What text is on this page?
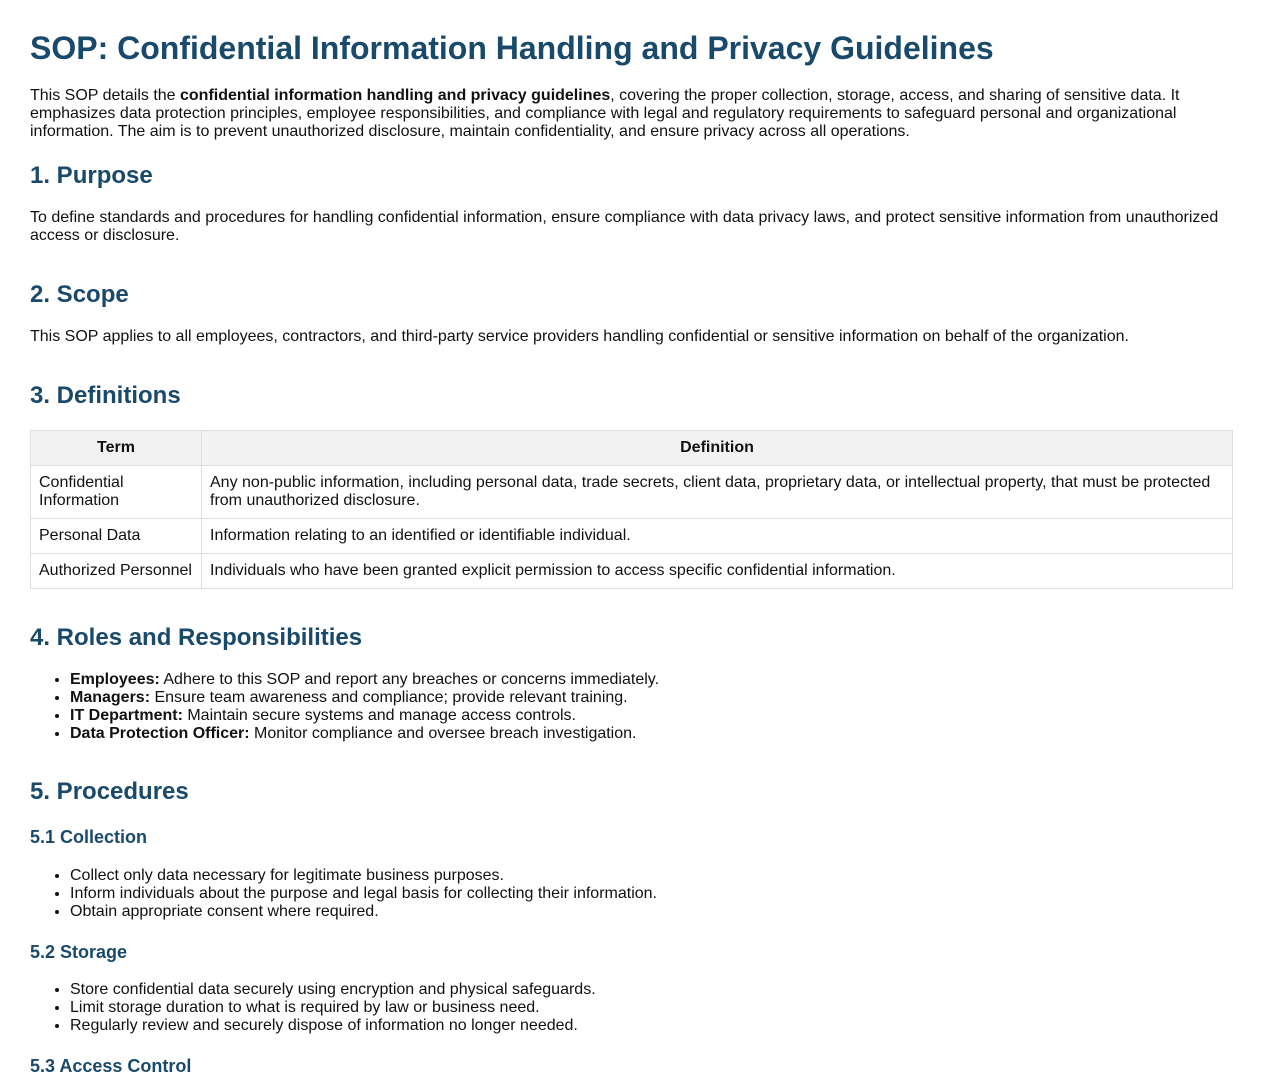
SOP: Confidential Information Handling and Privacy Guidelines

This SOP details the confidential information handling and privacy guidelines, covering the proper collection, storage, access, and sharing of sensitive data. It emphasizes data protection principles, employee responsibilities, and compliance with legal and regulatory requirements to safeguard personal and organizational information. The aim is to prevent unauthorized disclosure, maintain confidentiality, and ensure privacy across all operations.

1. Purpose

To define standards and procedures for handling confidential information, ensure compliance with data privacy laws, and protect sensitive information from unauthorized access or disclosure.

2. Scope

This SOP applies to all employees, contractors, and third-party service providers handling confidential or sensitive information on behalf of the organization.

3. Definitions
Term	Definition
Confidential Information	Any non-public information, including personal data, trade secrets, client data, proprietary data, or intellectual property, that must be protected from unauthorized disclosure.
Personal Data	Information relating to an identified or identifiable individual.
Authorized Personnel	Individuals who have been granted explicit permission to access specific confidential information.
4. Roles and Responsibilities
• Employees: Adhere to this SOP and report any breaches or concerns immediately.
• Managers: Ensure team awareness and compliance; provide relevant training.
• IT Department: Maintain secure systems and manage access controls.
• Data Protection Officer: Monitor compliance and oversee breach investigation.
5. Procedures
5.1 Collection
• Collect only data necessary for legitimate business purposes.
• Inform individuals about the purpose and legal basis for collecting their information.
• Obtain appropriate consent where required.
5.2 Storage
• Store confidential data securely using encryption and physical safeguards.
• Limit storage duration to what is required by law or business need.
• Regularly review and securely dispose of information no longer needed.
5.3 Access Control
